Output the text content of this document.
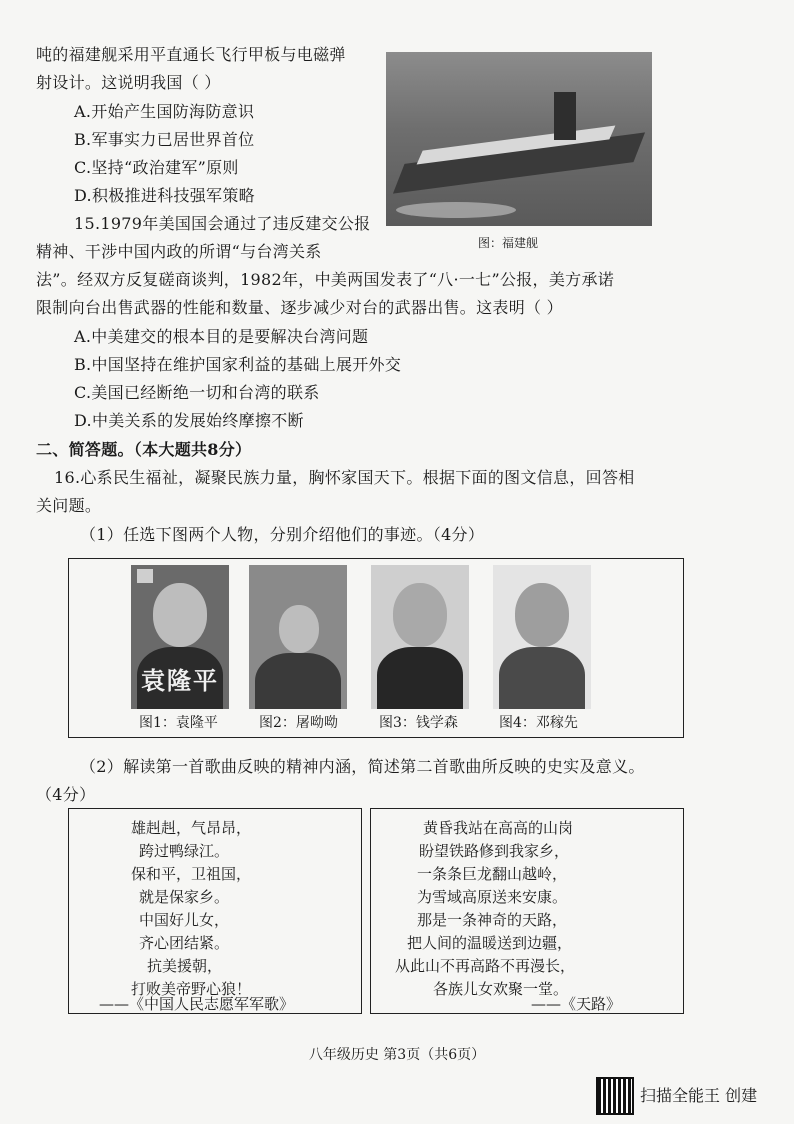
吨的福建舰采用平直通长飞行甲板与电磁弹
射设计。这说明我国（ ）
A.开始产生国防海防意识
B.军事实力已居世界首位
C.坚持“政治建军”原则
D.积极推进科技强军策略
图：福建舰
15.1979年美国国会通过了违反建交公报
精神、干涉中国内政的所谓“与台湾关系
法”。经双方反复磋商谈判，1982年，中美两国发表了“八·一七”公报，美方承诺
限制向台出售武器的性能和数量、逐步减少对台的武器出售。这表明（ ）
A.中美建交的根本目的是要解决台湾问题
B.中国坚持在维护国家利益的基础上展开外交
C.美国已经断绝一切和台湾的联系
D.中美关系的发展始终摩擦不断
二、简答题。（本大题共8分）
16.心系民生福祉，凝聚民族力量，胸怀家国天下。根据下面的图文信息，回答相
关问题。
（1）任选下图两个人物，分别介绍他们的事迹。（4分）
袁隆平
图1：袁隆平	图2：屠呦呦	图3：钱学森	图4：邓稼先
（2）解读第一首歌曲反映的精神内涵，简述第二首歌曲所反映的史实及意义。
（4分）
雄赳赳，气昂昂，
跨过鸭绿江。
保和平，卫祖国，
就是保家乡。
中国好儿女，
齐心团结紧。
抗美援朝，
打败美帝野心狼！
——《中国人民志愿军军歌》
黄昏我站在高高的山岗
盼望铁路修到我家乡，
一条条巨龙翻山越岭，
为雪域高原送来安康。
那是一条神奇的天路，
把人间的温暖送到边疆，
从此山不再高路不再漫长，
各族儿女欢聚一堂。
——《天路》
八年级历史 第3页（共6页）
扫描全能王 创建
